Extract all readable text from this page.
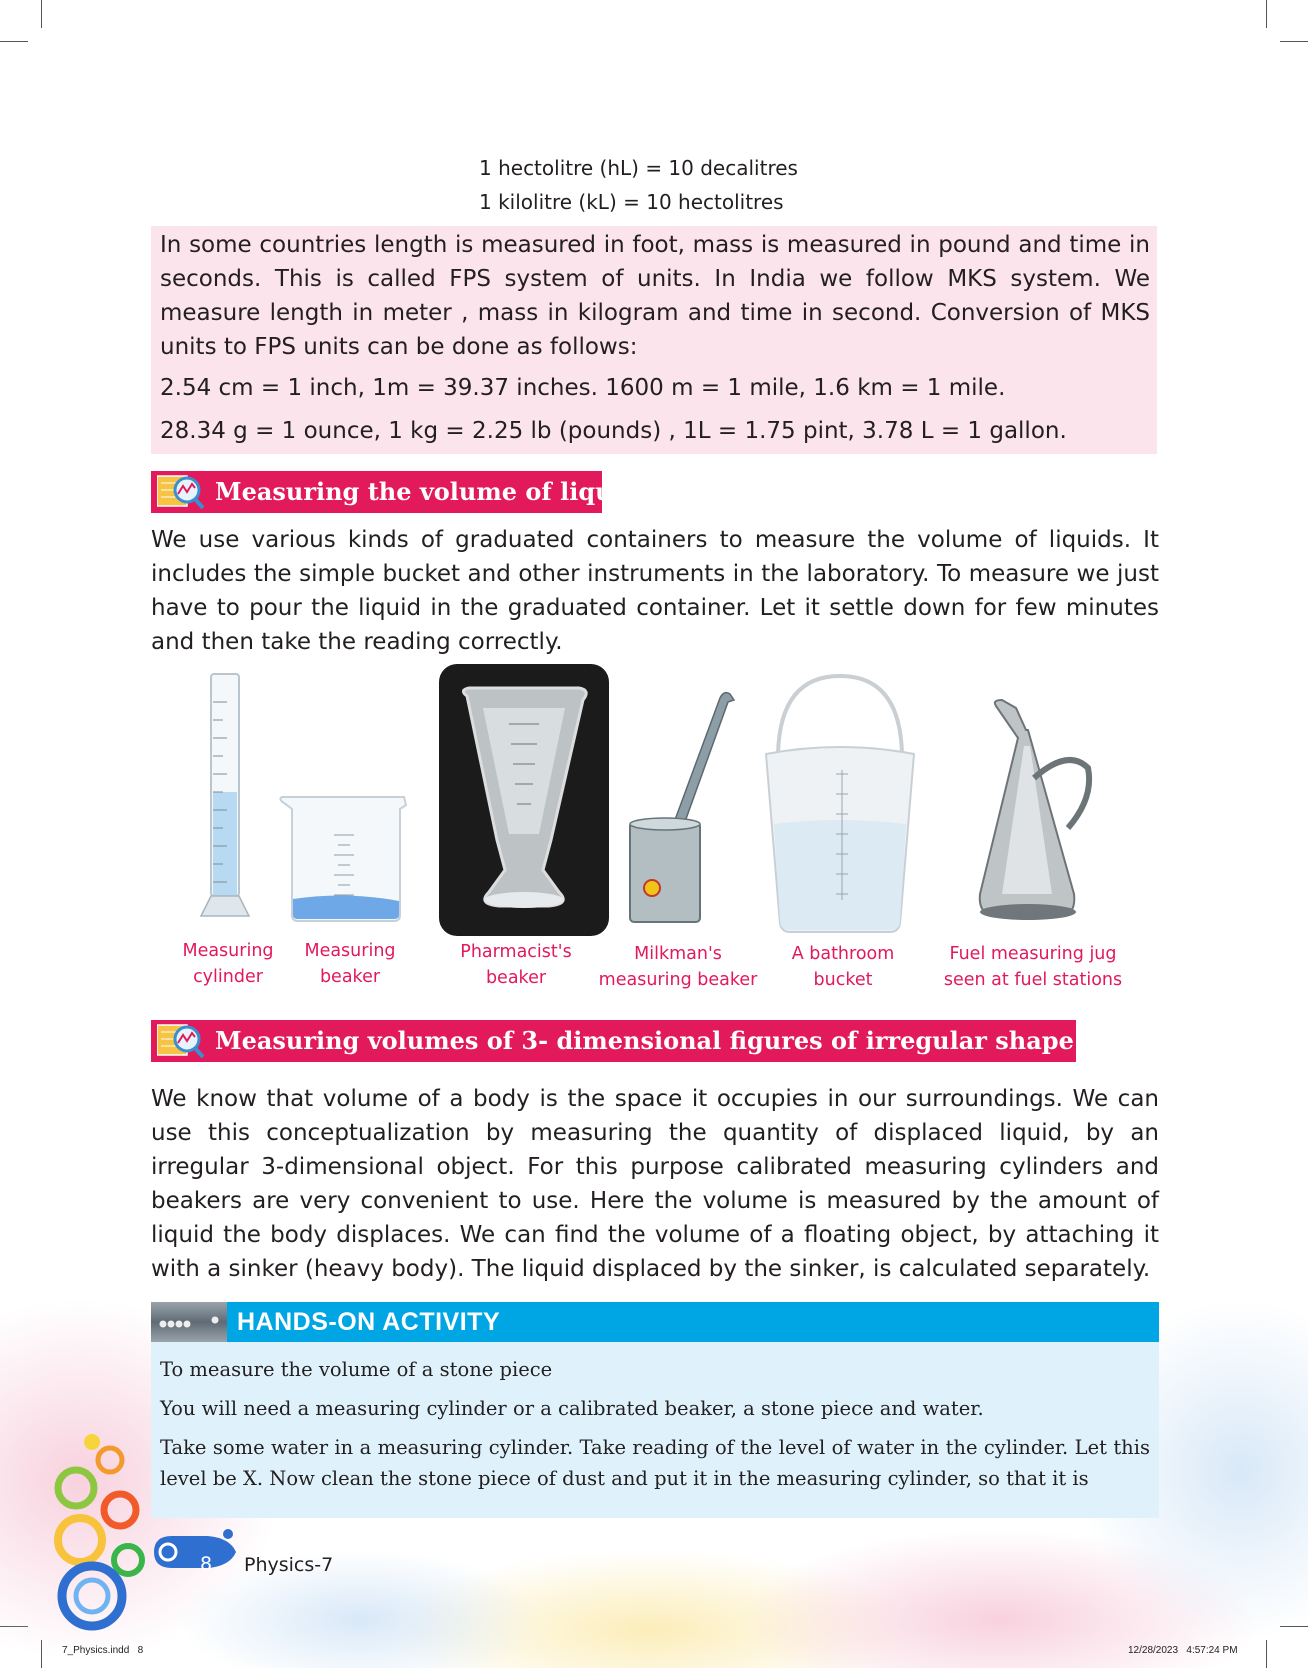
1 hectolitre (hL) = 10 decalitres
1 kilolitre (kL) = 10 hectolitres

In some countries length is measured in foot, mass is measured in pound and time in seconds. This is called FPS system of units. In India we follow MKS system. We measure length in meter , mass in kilogram and time in second. Conversion of MKS units to FPS units can be done as follows:

2.54 cm = 1 inch, 1m = 39.37 inches. 1600 m = 1 mile, 1.6 km = 1 mile.

28.34 g = 1 ounce, 1 kg = 2.25 lb (pounds) , 1L = 1.75 pint, 3.78 L = 1 gallon.

Measuring the volume of liquids

We use various kinds of graduated containers to measure the volume of liquids. It includes the simple bucket and other instruments in the laboratory. To measure we just have to pour the liquid in the graduated container. Let it settle down for few minutes and then take the reading correctly.

Measuring
cylinder
Measuring
beaker
Pharmacist's
beaker
Milkman's
measuring beaker
A bathroom
bucket
Fuel measuring jug
seen at fuel stations
Measuring volumes of 3- dimensional figures of irregular shape and size

We know that volume of a body is the space it occupies in our surroundings. We can use this conceptualization by measuring the quantity of displaced liquid, by an irregular 3-dimensional object. For this purpose calibrated measuring cylinders and beakers are very convenient to use. Here the volume is measured by the amount of liquid the body displaces. We can find the volume of a floating object, by attaching it with a sinker (heavy body). The liquid displaced by the sinker, is calculated separately.

HANDS-ON ACTIVITY

To measure the volume of a stone piece

You will need a measuring cylinder or a calibrated beaker, a stone piece and water.

Take some water in a measuring cylinder. Take reading of the level of water in the cylinder. Let this level be X. Now clean the stone piece of dust and put it in the measuring cylinder, so that it is

8 Physics-7
7_Physics.indd   8	12/28/2023   4:57:24 PM
